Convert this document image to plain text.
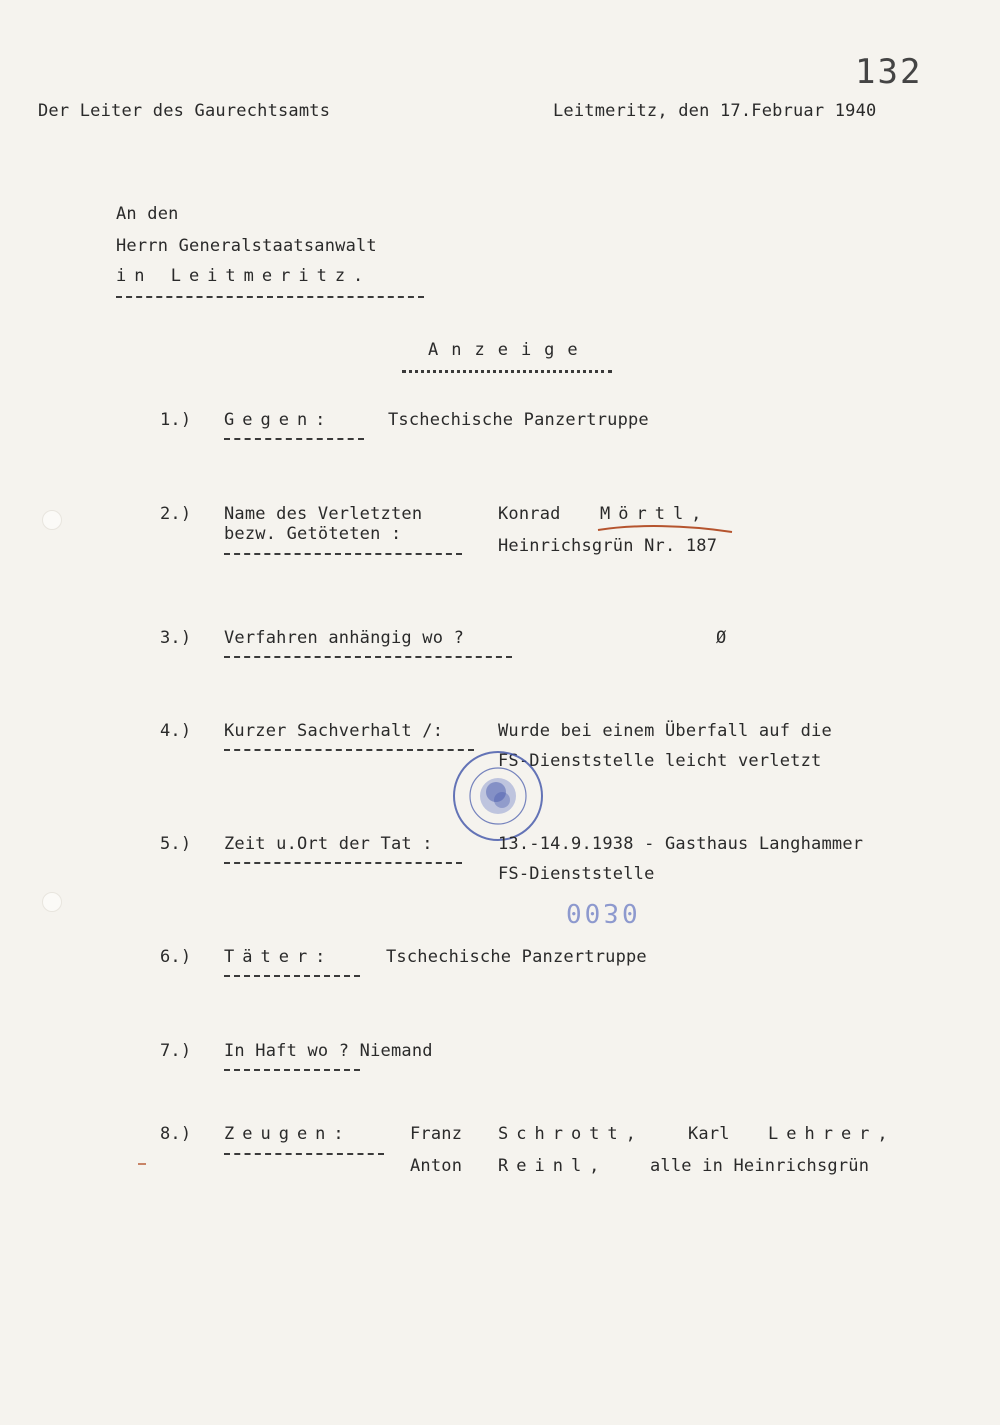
132
Der Leiter des Gaurechtsamts	Leitmeritz, den 17.Februar 1940
An den
Herrn Generalstaatsanwalt
in Leitmeritz.
Anzeige
1.) Gegen:	Tschechische Panzertruppe
2.) Name des Verletzten
bezw. Getöteten :
Konrad Mörtl,
Heinrichsgrün Nr. 187
3.) Verfahren anhängig wo ?	Ø
4.) Kurzer Sachverhalt /:	Wurde bei einem Überfall auf die
FS-Dienststelle leicht verletzt
5.) Zeit u.Ort der Tat :	13.-14.9.1938 - Gasthaus Langhammer
FS-Dienststelle
0030
6.) Täter:	Tschechische Panzertruppe
7.) In Haft wo ? Niemand
8.) Zeugen:	Franz Schrott,	Karl Lehrer,
Anton Reinl,	alle in Heinrichsgrün
